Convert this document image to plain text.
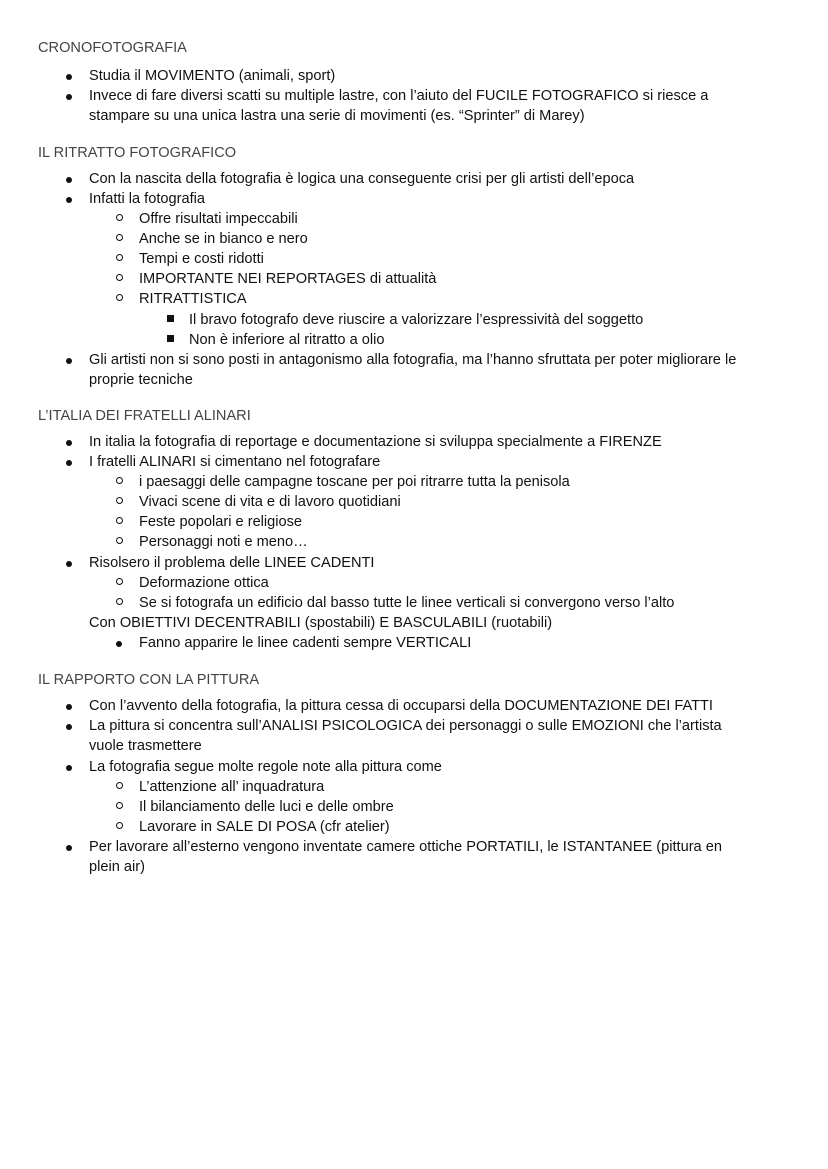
CRONOFOTOGRAFIA
Studia il MOVIMENTO (animali, sport)
Invece di fare diversi scatti su multiple lastre, con l’aiuto del FUCILE FOTOGRAFICO si riesce a
stampare su una unica lastra una serie di movimenti (es. “Sprinter” di Marey)
IL RITRATTO FOTOGRAFICO
Con la nascita della fotografia è logica una conseguente crisi per gli artisti dell’epoca
Infatti la fotografia
Offre risultati impeccabili
Anche se in bianco e nero
Tempi e costi ridotti
IMPORTANTE NEI REPORTAGES di attualità
RITRATTISTICA
Il bravo fotografo deve riuscire a valorizzare l’espressività del soggetto
Non è inferiore al ritratto a olio
Gli artisti non si sono posti in antagonismo alla fotografia, ma l’hanno sfruttata per poter migliorare le
proprie tecniche
L’ITALIA DEI FRATELLI ALINARI
In italia la fotografia di reportage e documentazione si sviluppa specialmente a FIRENZE
I fratelli ALINARI si cimentano nel fotografare
i paesaggi delle campagne toscane per poi ritrarre tutta la penisola
Vivaci scene di vita e di lavoro quotidiani
Feste popolari e religiose
Personaggi noti e meno…
Risolsero il problema delle LINEE CADENTI
Deformazione ottica
Se si fotografa un edificio dal basso tutte le linee verticali si convergono verso l’alto
Con OBIETTIVI DECENTRABILI (spostabili) E BASCULABILI (ruotabili)
Fanno apparire le linee cadenti sempre VERTICALI
IL RAPPORTO CON LA PITTURA
Con l’avvento della fotografia, la pittura cessa di occuparsi della DOCUMENTAZIONE DEI FATTI
La pittura si concentra sull’ANALISI PSICOLOGICA dei personaggi o sulle EMOZIONI che l’artista
vuole trasmettere
La fotografia segue molte regole note alla pittura come
L’attenzione all’ inquadratura
Il bilanciamento delle luci e delle ombre
Lavorare in SALE DI POSA (cfr atelier)
Per lavorare all’esterno vengono inventate camere ottiche PORTATILI, le ISTANTANEE (pittura en
plein air)
